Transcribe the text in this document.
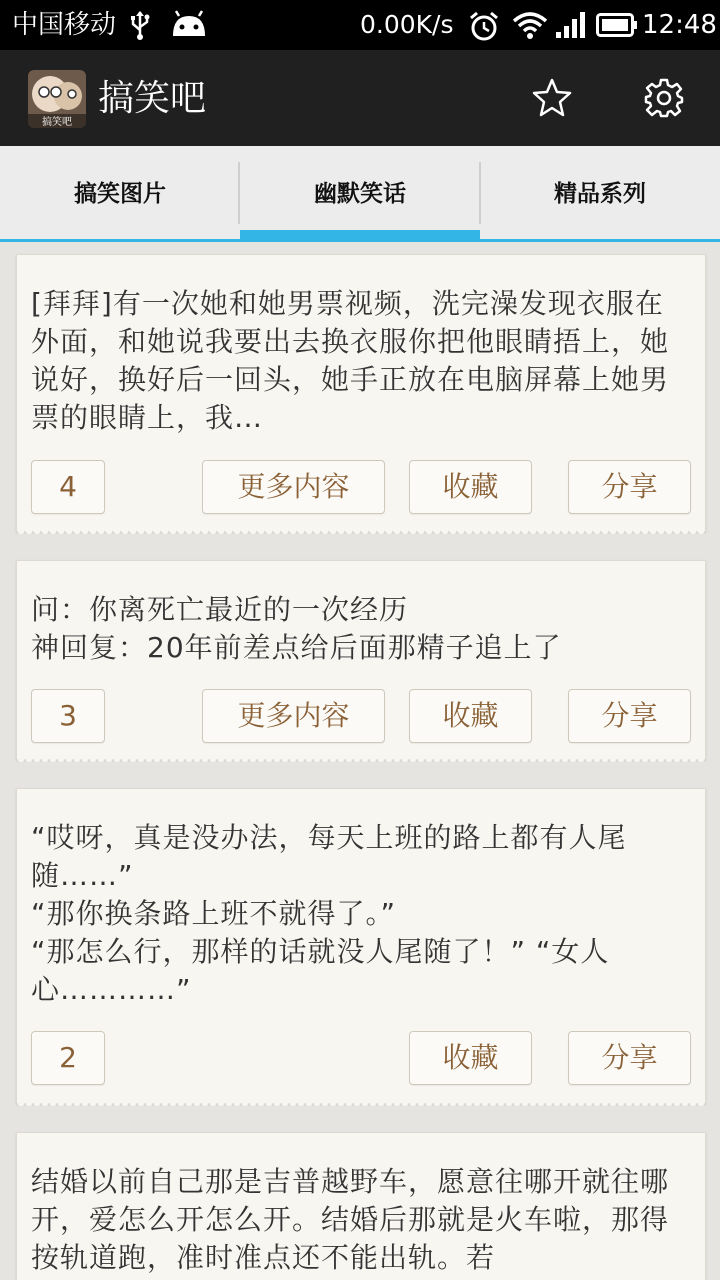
中国移动	0.00K/s	12:48
搞笑吧
搞笑吧
搞笑图片	幽默笑话	精品系列

[拜拜]有一次她和她男票视频，洗完澡发现衣服在外面，和她说我要出去换衣服你把他眼睛捂上，她说好，换好后一回头，她手正放在电脑屏幕上她男票的眼睛上，我…

4	更多内容	收藏	分享

问：你离死亡最近的一次经历

神回复：20年前差点给后面那精子追上了

3	更多内容	收藏	分享

“哎呀，真是没办法，每天上班的路上都有人尾随……”

“那你换条路上班不就得了。”

“那怎么行，那样的话就没人尾随了！” “女人心…………”

2	收藏	分享

结婚以前自己那是吉普越野车，愿意往哪开就往哪开，爱怎么开怎么开。结婚后那就是火车啦，那得按轨道跑，准时准点还不能出轨。若
